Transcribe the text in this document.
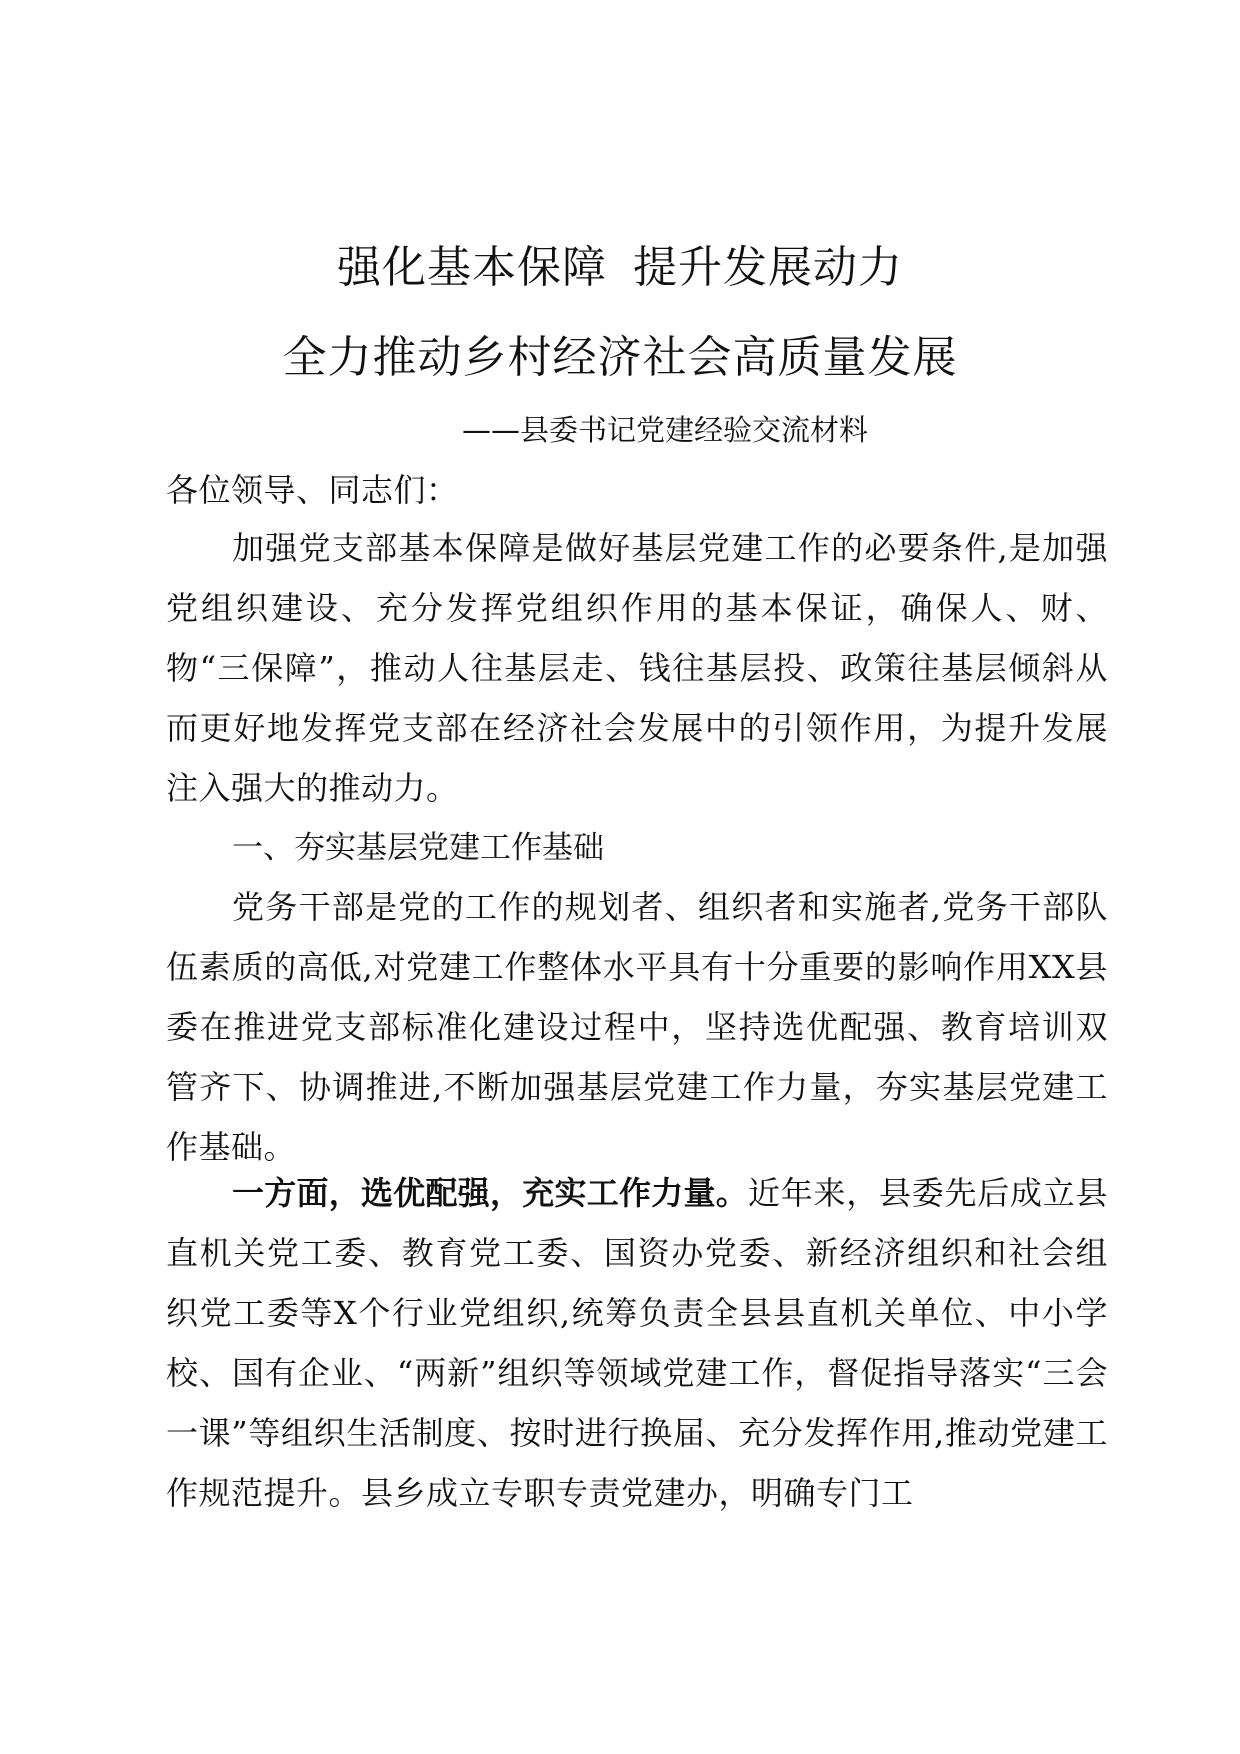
强化基本保障 提升发展动力
全力推动乡村经济社会高质量发展
——县委书记党建经验交流材料
各位领导、同志们：
加强党支部基本保障是做好基层党建工作的必要条件,是加强党组织建设、充分发挥党组织作用的基本保证，确保人、财、物“三保障”，推动人往基层走、钱往基层投、政策往基层倾斜从而更好地发挥党支部在经济社会发展中的引领作用，为提升发展注入强大的推动力。
一、夯实基层党建工作基础
党务干部是党的工作的规划者、组织者和实施者,党务干部队伍素质的高低,对党建工作整体水平具有十分重要的影响作用XX县委在推进党支部标准化建设过程中，坚持选优配强、教育培训双管齐下、协调推进,不断加强基层党建工作力量，夯实基层党建工作基础。
一方面，选优配强，充实工作力量。近年来，县委先后成立县直机关党工委、教育党工委、国资办党委、新经济组织和社会组织党工委等X个行业党组织,统筹负责全县县直机关单位、中小学校、国有企业、“两新”组织等领域党建工作，督促指导落实“三会一课”等组织生活制度、按时进行换届、充分发挥作用,推动党建工作规范提升。县乡成立专职专责党建办，明确专门工
